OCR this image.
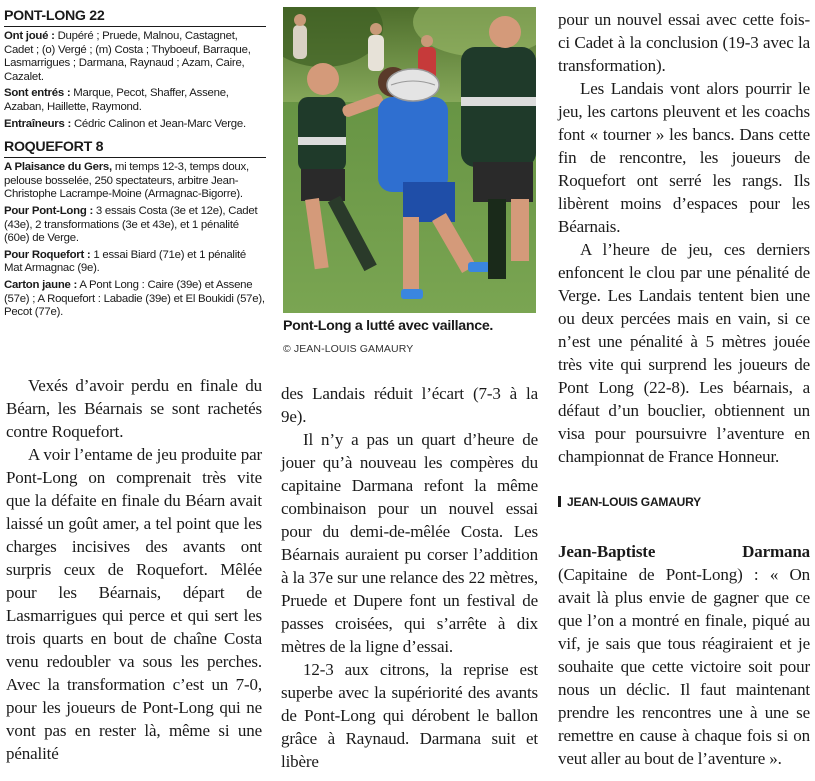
PONT-LONG 22

Ont joué : Dupéré ; Pruede, Malnou, Castagnet, Cadet ; (o) Vergé ; (m) Costa ; Thyboeuf, Barraque, Lasmarrigues ; Darmana, Raynaud ; Azam, Caire, Cazalet.

Sont entrés : Marque, Pecot, Shaffer, Assene, Azaban, Haillette, Raymond.

Entraîneurs : Cédric Calinon et Jean-Marc Verge.

ROQUEFORT 8

A Plaisance du Gers, mi temps 12-3, temps doux, pelouse bosselée, 250 spectateurs, arbitre Jean-Christophe Lacrampe-Moine (Armagnac-Bigorre).

Pour Pont-Long : 3 essais Costa (3e et 12e), Cadet (43e), 2 transformations (3e et 43e), et 1 pénalité (60e) de Verge.

Pour Roquefort : 1 essai Biard (71e) et 1 pénalité Mat Armagnac (9e).

Carton jaune : A Pont Long : Caire (39e) et Assene (57e) ; A Roquefort : Labadie (39e) et El Boukidi (57e), Pecot (77e).

Pont-Long a lutté avec vaillance.
© JEAN-LOUIS GAMAURY

Vexés d’avoir perdu en finale du Béarn, les Béarnais se sont rachetés contre Roquefort.

A voir l’entame de jeu produite par Pont-Long on comprenait très vite que la défaite en finale du Béarn avait laissé un goût amer, a tel point que les charges incisives des avants ont surpris ceux de Roquefort. Mêlée pour les Béarnais, départ de Lasmarrigues qui perce et qui sert les trois quarts en bout de chaîne Costa venu redoubler va sous les perches. Avec la transformation c’est un 7-0, pour les joueurs de Pont-Long qui ne vont pas en rester là, même si une pénalité

des Landais réduit l’écart (7-3 à la 9e).

Il n’y a pas un quart d’heure de jouer qu’à nouveau les compères du capitaine Darmana refont la même combinaison pour un nouvel essai pour du demi-de-mêlée Costa. Les Béarnais auraient pu corser l’addition à la 37e sur une relance des 22 mètres, Pruede et Dupere font un festival de passes croisées, qui s’arrête à dix mètres de la ligne d’essai.

12-3 aux citrons, la reprise est superbe avec la supériorité des avants de Pont-Long qui dérobent le ballon grâce à Raynaud. Darmana suit et libère

pour un nouvel essai avec cette fois-ci Cadet à la conclusion (19-3 avec la transformation).

Les Landais vont alors pourrir le jeu, les cartons pleuvent et les coachs font « tourner » les bancs. Dans cette fin de rencontre, les joueurs de Roquefort ont serré les rangs. Ils libèrent moins d’espaces pour les Béarnais.

A l’heure de jeu, ces derniers enfoncent le clou par une pénalité de Verge. Les Landais tentent bien une ou deux percées mais en vain, si ce n’est une pénalité à 5 mètres jouée très vite qui surprend les joueurs de Pont Long (22-8). Les béarnais, a défaut d’un bouclier, obtiennent un visa pour poursuivre l’aventure en championnat de France Honneur.

JEAN-LOUIS GAMAURY

Jean-Baptiste	Darmana
(Capitaine de Pont-Long) : « On avait là plus envie de gagner que ce que l’on a montré en finale, piqué au vif, je sais que tous réagiraient et je souhaite que cette victoire soit pour nous un déclic. Il faut maintenant prendre les rencontres une à une se remettre en cause à chaque fois si on veut aller au bout de l’aventure ».
